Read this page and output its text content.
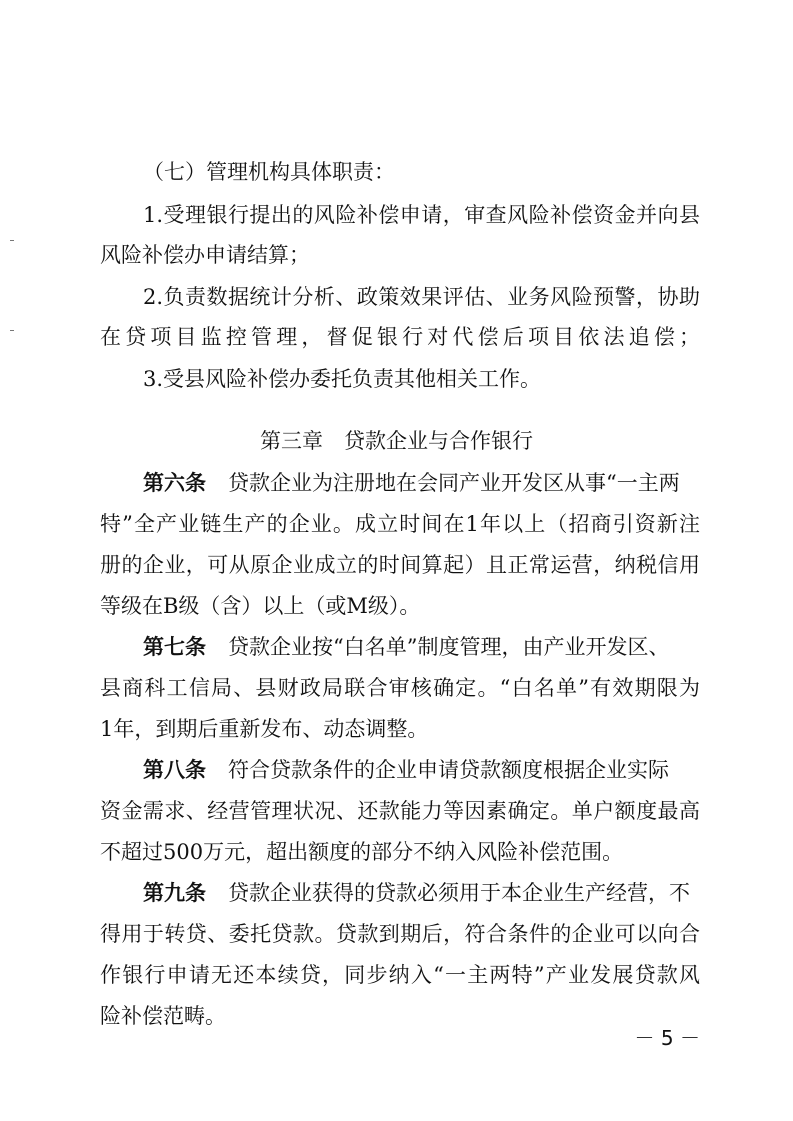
（七）管理机构具体职责：
1.受理银行提出的风险补偿申请，审查风险补偿资金并向县
风险补偿办申请结算；
2.负责数据统计分析、政策效果评估、业务风险预警，协助
在贷项目监控管理，督促银行对代偿后项目依法追偿；
3.受县风险补偿办委托负责其他相关工作。
第三章　贷款企业与合作银行
第六条 贷款企业为注册地在会同产业开发区从事“一主两
特”全产业链生产的企业。成立时间在1年以上（招商引资新注
册的企业，可从原企业成立的时间算起）且正常运营，纳税信用
等级在B级（含）以上（或M级）。
第七条 贷款企业按“白名单”制度管理，由产业开发区、
县商科工信局、县财政局联合审核确定。“白名单”有效期限为
1年，到期后重新发布、动态调整。
第八条 符合贷款条件的企业申请贷款额度根据企业实际
资金需求、经营管理状况、还款能力等因素确定。单户额度最高
不超过500万元，超出额度的部分不纳入风险补偿范围。
第九条 贷款企业获得的贷款必须用于本企业生产经营，不
得用于转贷、委托贷款。贷款到期后，符合条件的企业可以向合
作银行申请无还本续贷，同步纳入“一主两特”产业发展贷款风
险补偿范畴。
－ 5 －
